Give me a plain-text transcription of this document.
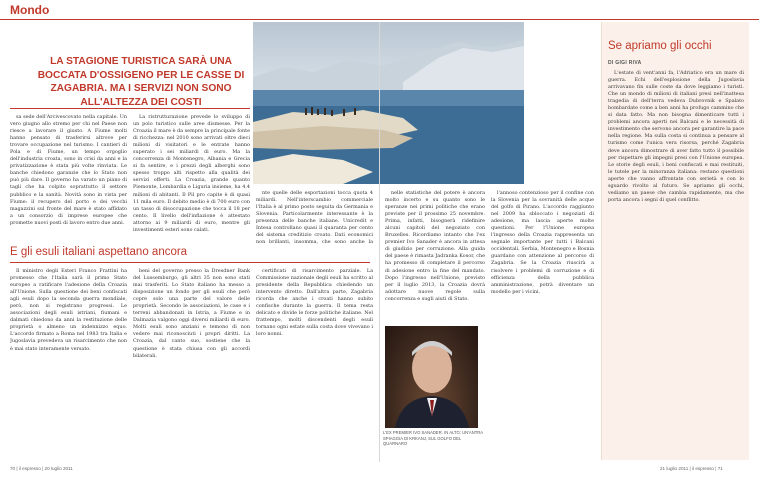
Mondo
LA STAGIONE TURISTICA SARÀ UNA BOCCATA D'OSSIGENO PER LE CASSE DI ZAGABRIA. MA I SERVIZI NON SONO ALL'ALTEZZA DEI COSTI

sa sede dell'Arcivescovato nella capitale. Un vero giugno allo stremo per chi nel Paese non riesce a lavorare il giusto. A Fiume molti hanno pensato di trasferirsi altrove per trovare occupazione nel turismo. I cantieri di Pola e di Fiume, un tempo orgoglio dell'industria croata, sono in crisi da anni e la privatizzazione è stata più volte rinviata. Le banche chiedono garanzie che lo Stato non può più dare. Il governo ha varato un piano di tagli che ha colpito soprattutto il settore pubblico e la sanità. Novità sono in vista per Fiume: il recupero del porto e dei vecchi magazzini sul fronte del mare è stato affidato a un consorzio di imprese europee che promette nuovi posti di lavoro entro due anni.

La ristrutturazione prevede lo sviluppo di un polo turistico sulle aree dismesse. Per la Croazia il mare è da sempre la principale fonte di ricchezza: nel 2010 sono arrivati oltre dieci milioni di visitatori e le entrate hanno superato i sei miliardi di euro. Ma la concorrenza di Montenegro, Albania e Grecia si fa sentire, e i prezzi degli alberghi sono spesso troppo alti rispetto alla qualità dei servizi offerti. La Croazia, grande quanto Piemonte, Lombardia e Liguria insieme, ha 4,4 milioni di abitanti. Il Pil pro capite è di quasi 11 mila euro. Il debito medio è di 700 euro con un tasso di disoccupazione che tocca il 18 per cento. Il livello dell'inflazione è attestato attorno ai 9 miliardi di euro, mentre gli investimenti esteri sono calati.

nte quelle delle esportazioni tocca quota 4 miliardi. Nell'interscambio commerciale l'Italia è al primo posto seguita da Germania e Slovenia. Particolarmente interessante è la presenza delle banche italiane. Unicredit e Intesa controllano quasi il quaranta per cento del sistema creditizio croato. Dati economici non brillanti, insomma, che sono anche la

E gli esuli italiani aspettano ancora

Il ministro degli Esteri Franco Frattini ha promesso che l'Italia sarà il primo Stato europeo a ratificare l'adesione della Croazia all'Unione. Sulla questione dei beni confiscati agli esuli dopo la seconda guerra mondiale, però, non si registrano progressi. Le associazioni degli esuli istriani, fiumani e dalmati chiedono da anni la restituzione delle proprietà o almeno un indennizzo equo. L'accordo firmato a Roma nel 1983 tra Italia e Jugoslavia prevedeva un risarcimento che non è mai stato interamente versato.

beni del governo presso la Dresdner Bank del Lussemburgo, gli altri 35 non sono stati mai trasferiti. Lo Stato italiano ha messo a disposizione un fondo per gli esuli che però copre solo una parte del valore delle proprietà. Secondo le associazioni, le case e i terreni abbandonati in Istria, a Fiume e in Dalmazia valgono oggi diversi miliardi di euro. Molti esuli sono anziani e temono di non vedere mai riconosciuti i propri diritti. La Croazia, dal canto suo, sostiene che la questione è stata chiusa con gli accordi bilaterali.

certificati di risarcimento parziale. La Commissione nazionale degli esuli ha scritto al presidente della Repubblica chiedendo un intervento diretto. Dall'altra parte, Zagabria ricorda che anche i croati hanno subito confische durante la guerra. Il tema resta delicato e divide le forze politiche italiane. Nel frattempo, molti discendenti degli esuli tornano ogni estate sulla costa dove vivevano i loro nonni.

nelle statistiche del potere è ancora molto incerto e su quanto sono le speranze nei primi politiche che erano previste per il prossimo 25 novembre. Prima, infatti, bisognerà ridefinire alcuni capitoli del negoziato con Bruxelles. Ricordiamo intanto che l'ex premier Ivo Sanader è ancora in attesa di giudizio per corruzione. Alla guida del paese è rimasta Jadranka Kosor, che ha promesso di completare il percorso di adesione entro la fine del mandato. Dopo l'ingresso nell'Unione, previsto per il luglio 2013, la Croazia dovrà adottare nuove regole sulla concorrenza e sugli aiuti di Stato.

l'annoso contenzioso per il confine con la Slovenia per la sovranità delle acque del golfo di Pirano. L'accordo raggiunto nel 2009 ha sbloccato i negoziati di adesione, ma lascia aperte molte questioni. Per l'Unione europea l'ingresso della Croazia rappresenta un segnale importante per tutti i Balcani occidentali. Serbia, Montenegro e Bosnia guardano con attenzione al percorso di Zagabria. Se la Croazia riuscirà a risolvere i problemi di corruzione e di efficienza della pubblica amministrazione, potrà diventare un modello per i vicini.

L'EX PREMIER IVO SANADER. IN ALTO: UN'ANTRA SPIAGGIA DI KRKANJ, SUL GOLFO DEL QUARNARO
Se apriamo gli occhi
DI GIGI RIVA

L'estate di vent'anni fa, l'Adriatico era un mare di guerra. Echi dell'esplosione della Jugoslavia arrivavano fin sulle coste da dove leggiamo i turisti. Che un mondo di milioni di italiani presi nell'inattesa tragedia di dell'terra vedeva Dubrovnik e Spalato bombardate come a ben anni ha profugo cammino che si data fatto. Ma non bisogna dimenticare tutti i problemi ancora aperti nei Balcani e le necessità di investimento che servono ancora per garantire la pace nella regione. Ma sulla costa si continua a pensare al turismo come l'unica vera risorsa, perché Zagabria deve ancora dimostrare di aver fatto tutto il possibile per rispettare gli impegni presi con l'Unione europea. Le storie degli esuli, i beni confiscati e mai restituiti, le tutele per la minoranza italiana: restano questioni aperte che vanno affrontate con serietà e con lo sguardo rivolto al futuro. Se apriamo gli occhi, vediamo un paese che cambia rapidamente, ma che porta ancora i segni di quel conflitto.

70 | il espresso | 20 luglio 2011	21 luglio 2011 | il espresso | 71
